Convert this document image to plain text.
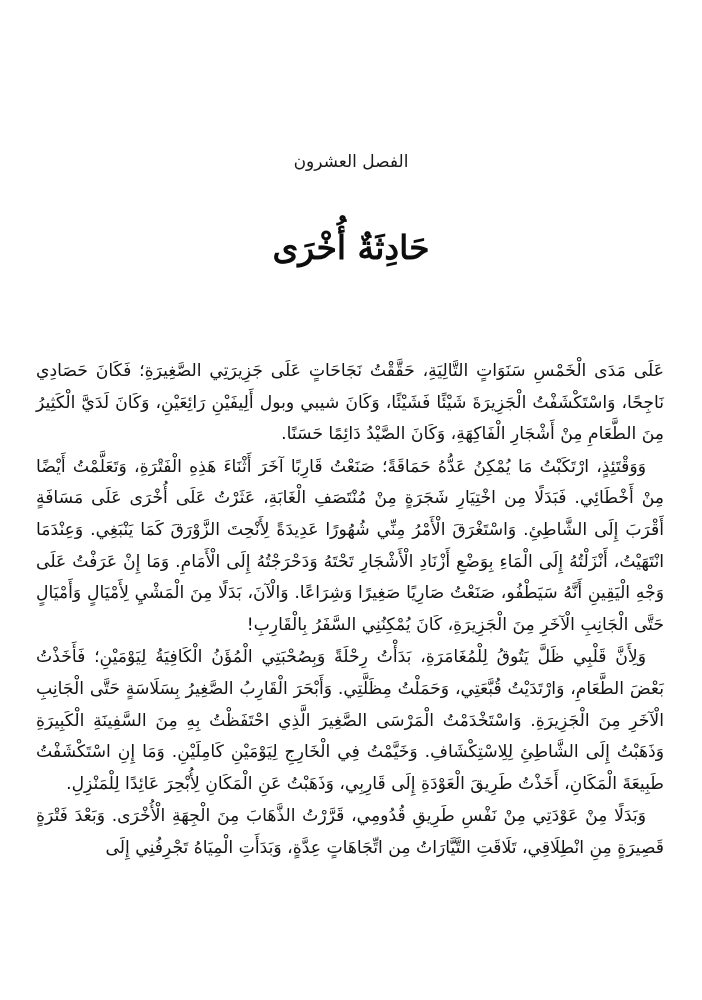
الفصل العشرون
حَادِثَةٌ أُخْرَى

عَلَى مَدَى الْخَمْسِ سَنَوَاتٍ التَّالِيَةِ، حَقَّقْتُ نَجَاحَاتٍ عَلَى جَزِيرَتِي الصَّغِيرَةِ؛ فَكَانَ حَصَادِي نَاجِحًا، وَاسْتَكْشَفْتُ الْجَزِيرَةَ شَيْئًا فَشَيْئًا، وَكَانَ شيبي وبول أَلِيفَيْنِ رَائِعَيْنِ، وَكَانَ لَدَيَّ الْكَثِيرُ مِنَ الطَّعَامِ مِنْ أَشْجَارِ الْفَاكِهَةِ، وَكَانَ الصَّيْدُ دَائِمًا حَسَنًا.

وَوَقْتَئِذٍ، ارْتَكَبْتُ مَا يُمْكِنُ عَدُّهُ حَمَاقَةً؛ صَنَعْتُ قَارِبًا آخَرَ أَثْنَاءَ هَذِهِ الْفَتْرَةِ، وَتَعَلَّمْتُ أَيْضًا مِنْ أَخْطَائِي. فَبَدَلًا مِن اخْتِيَارِ شَجَرَةٍ مِنْ مُنْتَصَفِ الْغَابَةِ، عَثَرْتُ عَلَى أُخْرَى عَلَى مَسَافَةٍ أَقْرَبَ إِلَى الشَّاطِئِ. وَاسْتَغْرَقَ الْأَمْرُ مِنِّي شُهُورًا عَدِيدَةً لِأَنْحِتَ الزَّوْرَقَ كَمَا يَنْبَغِي. وَعِنْدَمَا انْتَهَيْتُ، أَنْزَلْتُهُ إِلَى الْمَاءِ بِوَضْعِ أَزْنَادِ الْأَشْجَارِ تَحْتَهُ وَدَحْرَجْتُهُ إِلَى الْأَمَامِ. وَمَا إِنْ عَرَفْتُ عَلَى وَجْهِ الْيَقِينِ أَنَّهُ سَيَطْفُو، صَنَعْتُ صَارِيًا صَغِيرًا وَشِرَاعًا. وَالْآنَ، بَدَلًا مِنَ الْمَشْيِ لِأَمْيَالٍ وَأَمْيَالٍ حَتَّى الْجَانِبِ الْآخَرِ مِنَ الْجَزِيرَةِ، كَانَ يُمْكِنُنِي السَّفَرُ بِالْقَارِبِ!

وَلِأَنَّ قَلْبِي ظَلَّ يَتُوقُ لِلْمُغَامَرَةِ، بَدَأْتُ رِحْلَةً وَبِصُحْبَتِي الْمُؤَنُ الْكَافِيَةُ لِيَوْمَيْنِ؛ فَأَخَذْتُ بَعْضَ الطَّعَامِ، وَارْتَدَيْتُ قُبَّعَتِي، وَحَمَلْتُ مِظَلَّتِي. وَأَبْحَرَ الْقَارِبُ الصَّغِيرُ بِسَلَاسَةٍ حَتَّى الْجَانِبِ الْآخَرِ مِنَ الْجَزِيرَةِ. وَاسْتَخْدَمْتُ الْمَرْسَى الصَّغِيرَ الَّذِي احْتَفَظْتُ بِهِ مِنَ السَّفِينَةِ الْكَبِيرَةِ وَذَهَبْتُ إِلَى الشَّاطِئِ لِلِاسْتِكْشَافِ. وَخَيَّمْتُ فِي الْخَارِجِ لِيَوْمَيْنِ كَامِلَيْنِ. وَمَا إِنِ اسْتَكْشَفْتُ طَبِيعَةَ الْمَكَانِ، أَخَذْتُ طَرِيقَ الْعَوْدَةِ إِلَى قَارِبِي، وَذَهَبْتُ عَنِ الْمَكَانِ لِأُبْحِرَ عَائِدًا لِلْمَنْزِلِ.

وَبَدَلًا مِنْ عَوْدَتِي مِنْ نَفْسِ طَرِيقِ قُدُومِي، قَرَّرْتُ الذَّهَابَ مِنَ الْجِهَةِ الْأُخْرَى. وَبَعْدَ فَتْرَةٍ قَصِيرَةٍ مِنِ انْطِلَاقِي، تَلَاقَتِ التَّيَّارَاتُ مِن اتِّجَاهَاتٍ عِدَّةٍ، وَبَدَأَتِ الْمِيَاهُ تَجْرِفُنِي إِلَى
